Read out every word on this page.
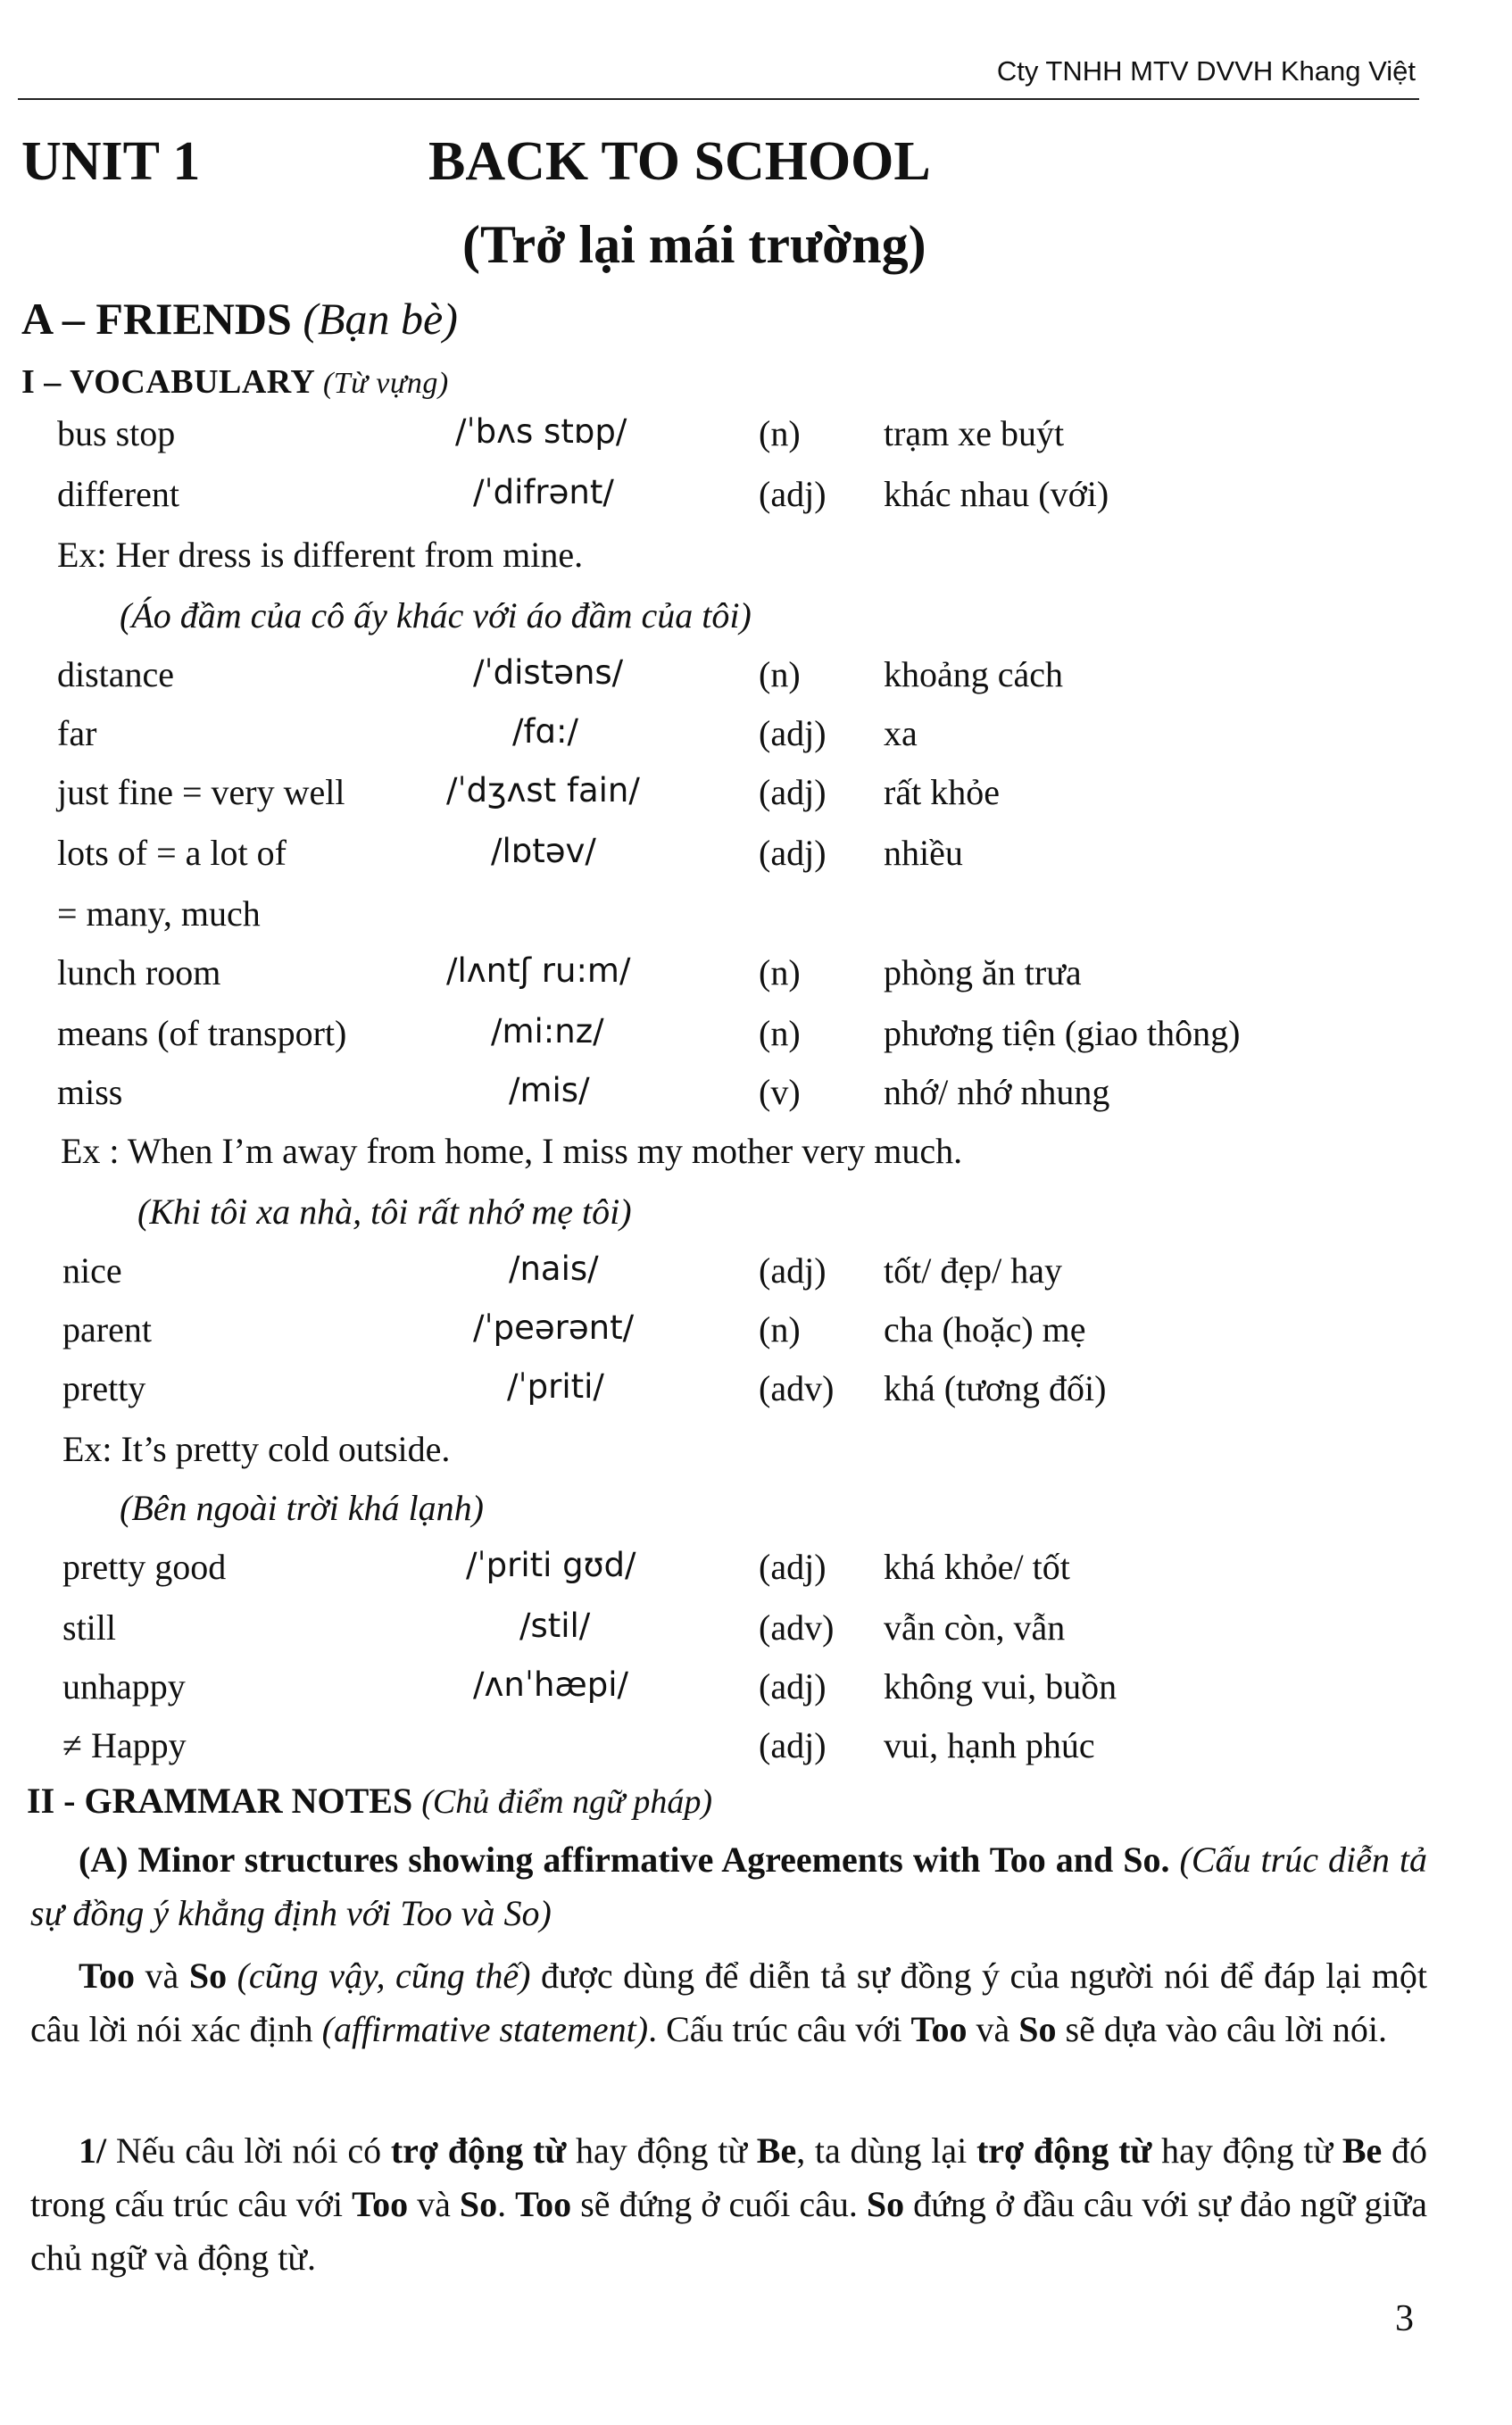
Cty TNHH MTV DVVH Khang Việt
UNIT 1	BACK TO SCHOOL
(Trở lại mái trường)
A – FRIENDS (Bạn bè)
I – VOCABULARY (Từ vựng)
bus stop	/ˈbʌs stɒp/	(n) trạm xe buýt
different	/ˈdifrənt/	(adj) khác nhau (với)
Ex: Her dress is different from mine.
(Áo đầm của cô ấy khác với áo đầm của tôi)
distance	/ˈdistəns/	(n) khoảng cách
far	/fɑ:/	(adj) xa
just fine = very well	/ˈdʒʌst fain/	(adj) rất khỏe
lots of = a lot of	/lɒtəv/	(adj) nhiều
= many, much
lunch room	/lʌntʃ ru:m/	(n) phòng ăn trưa
means (of transport)	/mi:nz/	(n) phương tiện (giao thông)
miss	/mis/	(v) nhớ/ nhớ nhung
Ex : When I’m away from home, I miss my mother very much.
(Khi tôi xa nhà, tôi rất nhớ mẹ tôi)
nice	/nais/	(adj) tốt/ đẹp/ hay
parent	/ˈpeərənt/	(n) cha (hoặc) mẹ
pretty	/ˈpriti/	(adv) khá (tương đối)
Ex: It’s pretty cold outside.
(Bên ngoài trời khá lạnh)
pretty good	/ˈpriti gʊd/	(adj) khá khỏe/ tốt
still	/stil/	(adv) vẫn còn, vẫn
unhappy	/ʌnˈhæpi/	(adj) không vui, buồn
≠ Happy	(adj) vui, hạnh phúc
II - GRAMMAR NOTES (Chủ điểm ngữ pháp)
(A) Minor structures showing affirmative Agreements with Too and So. (Cấu trúc diễn tả sự đồng ý khẳng định với Too và So)
Too và So (cũng vậy, cũng thế) được dùng để diễn tả sự đồng ý của người nói để đáp lại một câu lời nói xác định (affirmative statement). Cấu trúc câu với Too và So sẽ dựa vào câu lời nói.
1/ Nếu câu lời nói có trợ động từ hay động từ Be, ta dùng lại trợ động từ hay động từ Be đó trong cấu trúc câu với Too và So. Too sẽ đứng ở cuối câu. So đứng ở đầu câu với sự đảo ngữ giữa chủ ngữ và động từ.
3
